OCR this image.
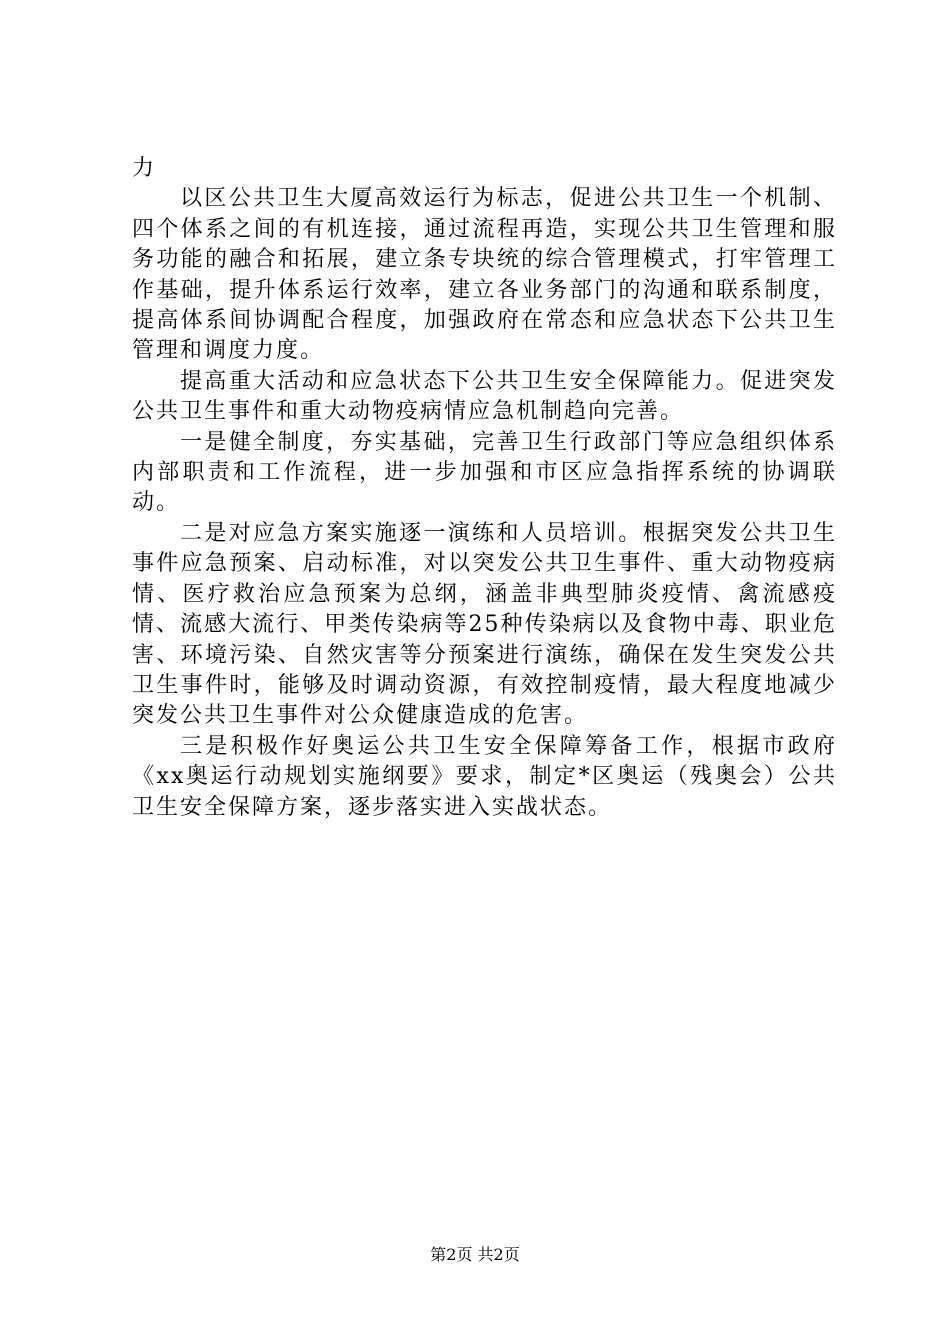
力

以区公共卫生大厦高效运行为标志，促进公共卫生一个机制、四个体系之间的有机连接，通过流程再造，实现公共卫生管理和服务功能的融合和拓展，建立条专块统的综合管理模式，打牢管理工作基础，提升体系运行效率，建立各业务部门的沟通和联系制度，提高体系间协调配合程度，加强政府在常态和应急状态下公共卫生管理和调度力度。

提高重大活动和应急状态下公共卫生安全保障能力。促进突发公共卫生事件和重大动物疫病情应急机制趋向完善。

一是健全制度，夯实基础，完善卫生行政部门等应急组织体系内部职责和工作流程，进一步加强和市区应急指挥系统的协调联动。

二是对应急方案实施逐一演练和人员培训。根据突发公共卫生事件应急预案、启动标准，对以突发公共卫生事件、重大动物疫病情、医疗救治应急预案为总纲，涵盖非典型肺炎疫情、禽流感疫情、流感大流行、甲类传染病等25种传染病以及食物中毒、职业危害、环境污染、自然灾害等分预案进行演练，确保在发生突发公共卫生事件时，能够及时调动资源，有效控制疫情，最大程度地减少突发公共卫生事件对公众健康造成的危害。

三是积极作好奥运公共卫生安全保障筹备工作，根据市政府《xx奥运行动规划实施纲要》要求，制定*区奥运（残奥会）公共卫生安全保障方案，逐步落实进入实战状态。

第2页 共2页
